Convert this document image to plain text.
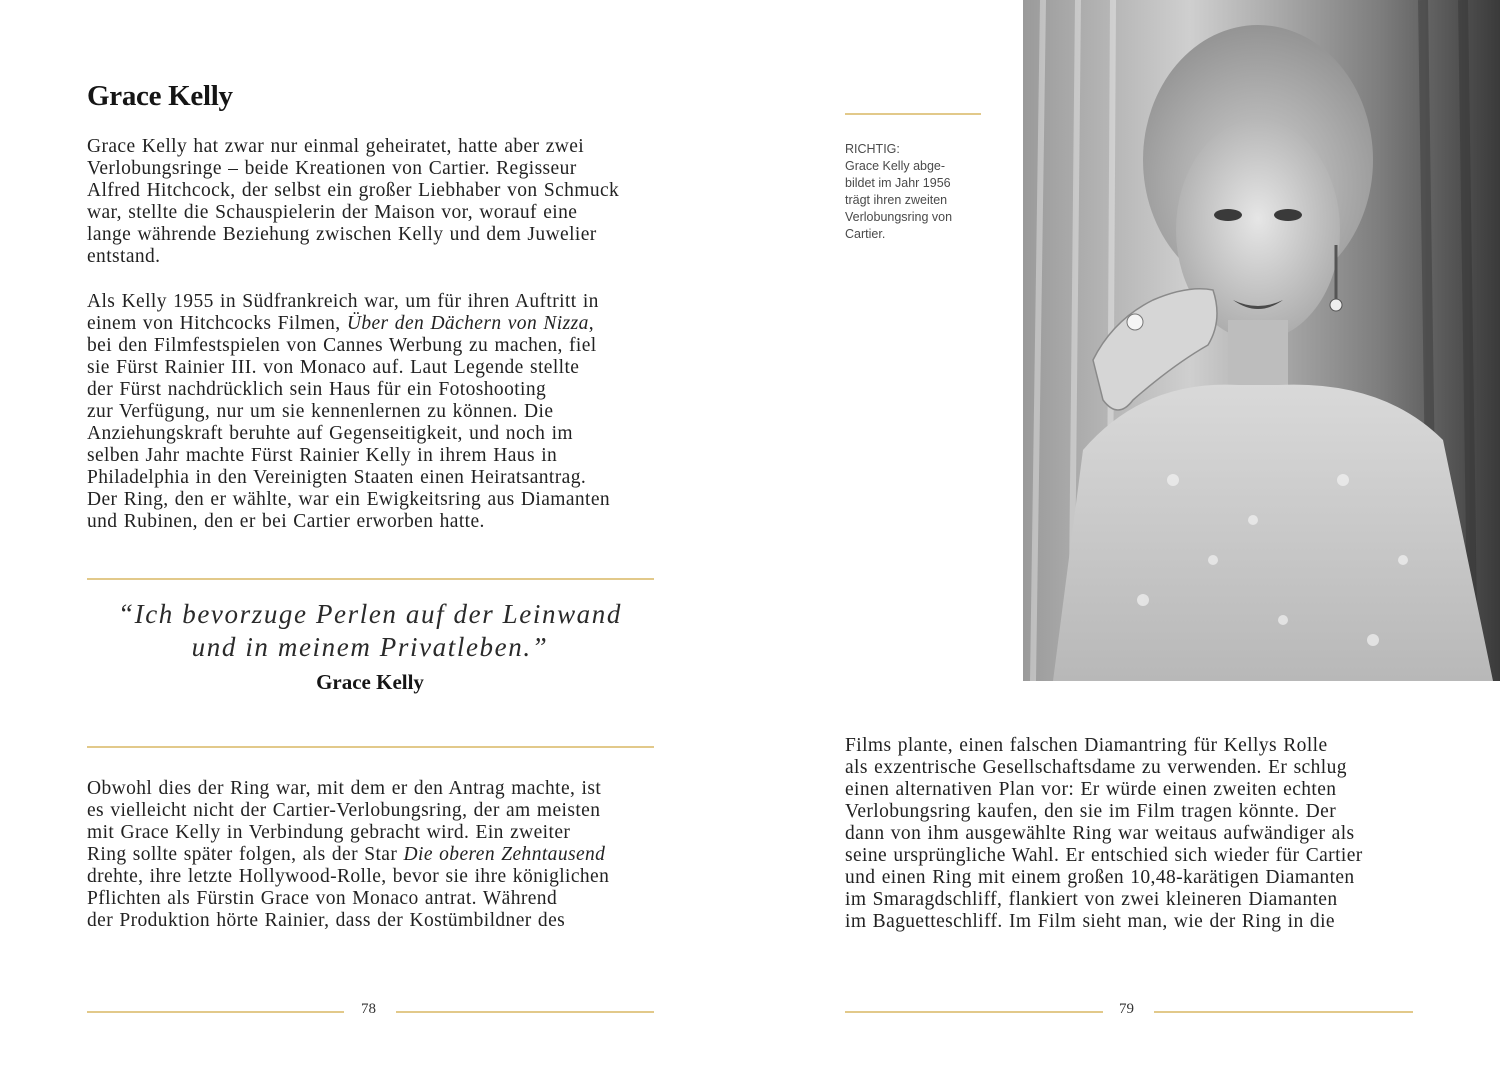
Grace Kelly

Grace Kelly hat zwar nur einmal geheiratet, hatte aber zwei
Verlobungsringe – beide Kreationen von Cartier. Regisseur
Alfred Hitchcock, der selbst ein großer Liebhaber von Schmuck
war, stellte die Schauspielerin der Maison vor, worauf eine
lange währende Beziehung zwischen Kelly und dem Juwelier
entstand.

Als Kelly 1955 in Südfrankreich war, um für ihren Auftritt in
einem von Hitchcocks Filmen, Über den Dächern von Nizza,
bei den Filmfestspielen von Cannes Werbung zu machen, fiel
sie Fürst Rainier III. von Monaco auf. Laut Legende stellte
der Fürst nachdrücklich sein Haus für ein Fotoshooting
zur Verfügung, nur um sie kennenlernen zu können. Die
Anziehungskraft beruhte auf Gegenseitigkeit, und noch im
selben Jahr machte Fürst Rainier Kelly in ihrem Haus in
Philadelphia in den Vereinigten Staaten einen Heiratsantrag.
Der Ring, den er wählte, war ein Ewigkeitsring aus Diamanten
und Rubinen, den er bei Cartier erworben hatte.

“Ich bevorzuge Perlen auf der Leinwand
und in meinem Privatleben.”

Grace Kelly

Obwohl dies der Ring war, mit dem er den Antrag machte, ist
es vielleicht nicht der Cartier-Verlobungsring, der am meisten
mit Grace Kelly in Verbindung gebracht wird. Ein zweiter
Ring sollte später folgen, als der Star Die oberen Zehntausend
drehte, ihre letzte Hollywood-Rolle, bevor sie ihre königlichen
Pflichten als Fürstin Grace von Monaco antrat. Während
der Produktion hörte Rainier, dass der Kostümbildner des

78

RICHTIG:
Grace Kelly abge-
bildet im Jahr 1956
trägt ihren zweiten
Verlobungsring von
Cartier.

Films plante, einen falschen Diamantring für Kellys Rolle
als exzentrische Gesellschaftsdame zu verwenden. Er schlug
einen alternativen Plan vor: Er würde einen zweiten echten
Verlobungsring kaufen, den sie im Film tragen könnte. Der
dann von ihm ausgewählte Ring war weitaus aufwändiger als
seine ursprüngliche Wahl. Er entschied sich wieder für Cartier
und einen Ring mit einem großen 10,48-karätigen Diamanten
im Smaragdschliff, flankiert von zwei kleineren Diamanten
im Baguetteschliff. Im Film sieht man, wie der Ring in die

79
